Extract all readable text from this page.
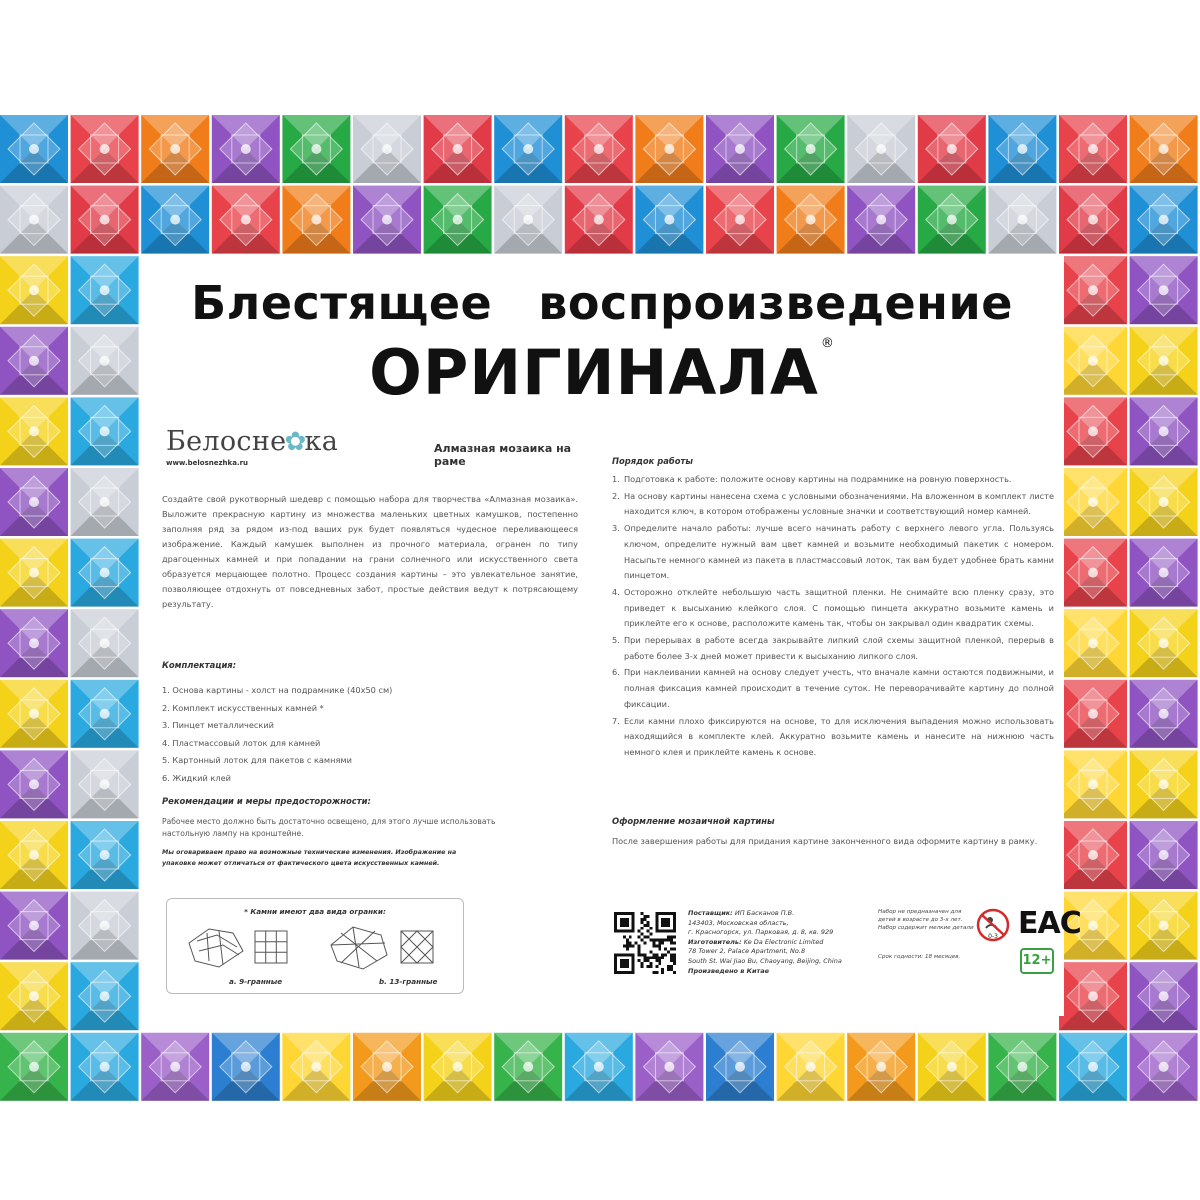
Блестящее воспроизведение
ОРИГИНАЛА ®
Белосне✿ка
www.belosnezhka.ru
Алмазная мозаика на раме

Создайте свой рукотворный шедевр с помощью набора для творчества «Алмазная мозаика». Выложите прекрасную картину из множества маленьких цветных камушков, постепенно заполняя ряд за рядом из-под ваших рук будет появляться чудесное переливающееся изображение. Каждый камушек выполнен из прочного материала, огранен по типу драгоценных камней и при попадании на грани солнечного или искусственного света образуется мерцающее полотно. Процесс создания картины – это увлекательное занятие, позволяющее отдохнуть от повседневных забот, простые действия ведут к потрясающему результату.

Комплектация:
1. Основа картины - холст на подрамнике (40х50 см)
2. Комплект искусственных камней *
3. Пинцет металлический
4. Пластмассовый лоток для камней
5. Картонный лоток для пакетов с камнями
6. Жидкий клей
Рекомендации и меры предосторожности:

Рабочее место должно быть достаточно освещено, для этого лучше использовать настольную лампу на кронштейне.

Мы оговариваем право на возможные технические изменения. Изображение на упаковке может отличаться от фактического цвета искусственных камней.

* Камни имеют два вида огранки:
a. 9-гранные	b. 13-гранные
Порядок работы
1. Подготовка к работе: положите основу картины на подрамнике на ровную поверхность.
2. На основу картины нанесена схема с условными обозначениями. На вложенном в комплект листе находится ключ, в котором отображены условные значки и соответствующий номер камней.
3. Определите начало работы: лучше всего начинать работу с верхнего левого угла. Пользуясь ключом, определите нужный вам цвет камней и возьмите необходимый пакетик с номером. Насыпьте немного камней из пакета в пластмассовый лоток, так вам будет удобнее брать камни пинцетом.
4. Осторожно отклейте небольшую часть защитной пленки. Не снимайте всю пленку сразу, это приведет к высыханию клейкого слоя. С помощью пинцета аккуратно возьмите камень и приклейте его к основе, расположите камень так, чтобы он закрывал один квадратик схемы.
5. При перерывах в работе всегда закрывайте липкий слой схемы защитной пленкой, перерыв в работе более 3-х дней может привести к высыханию липкого слоя.
6. При наклеивании камней на основу следует учесть, что вначале камни остаются подвижными, и полная фиксация камней происходит в течение суток. Не переворачивайте картину до полной фиксации.
7. Если камни плохо фиксируются на основе, то для исключения выпадения можно использовать находящийся в комплекте клей. Аккуратно возьмите камень и нанесите на нижнюю часть немного клея и приклейте камень к основе.
Оформление мозаичной картины

После завершения работы для придания картине законченного вида оформите картину в рамку.

Поставщик: ИП Басканов П.В.
143403, Московская область,
г. Красногорск, ул. Парковая, д. 8, кв. 929
Изготовитель: Ke Da Electronic Limited
78 Tower 2, Palace Apartment, No.8
South St. Wai Jiao Bu, Chaoyang, Beijing, China
Произведено в Китае
Набор не предназначен для детей в возрасте до 3-х лет. Набор содержит мелкие детали
Срок годности: 18 месяцев.
0-3 EAC
12+
